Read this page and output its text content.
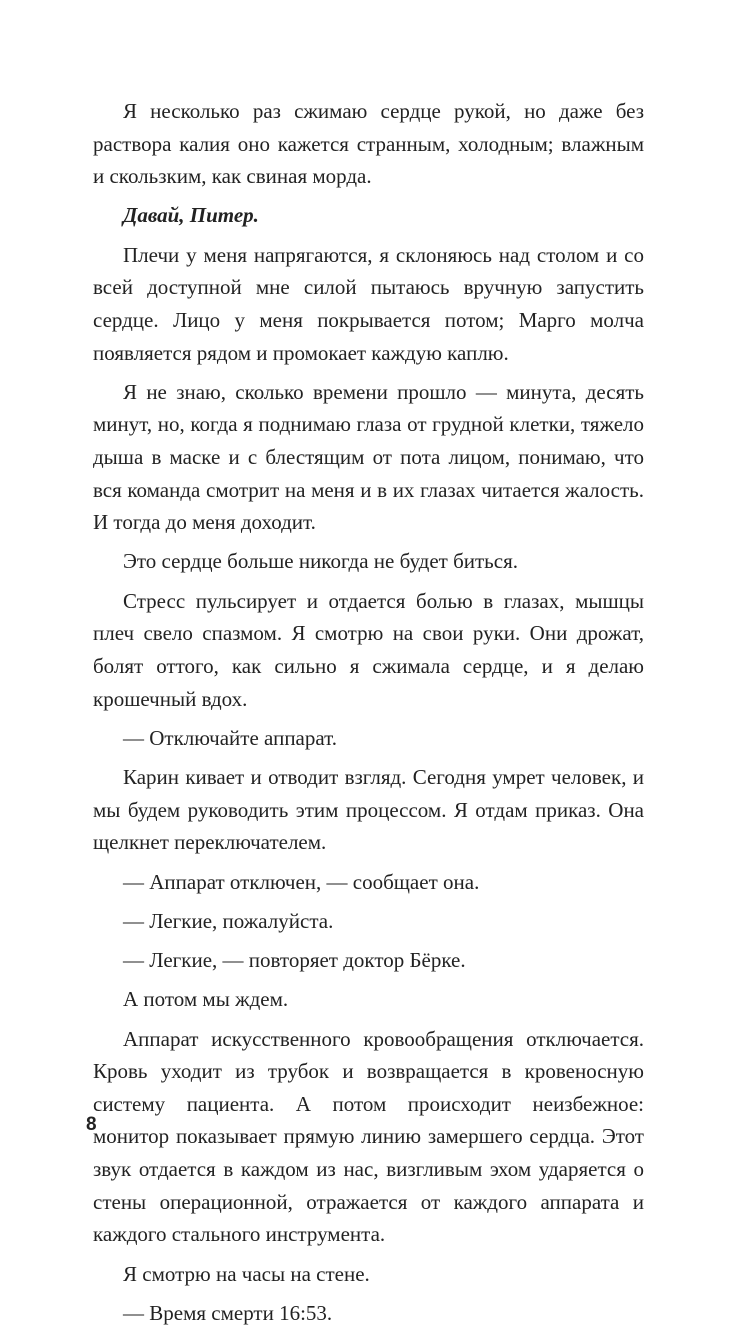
Я несколько раз сжимаю сердце рукой, но даже без раствора калия оно кажется странным, холодным; влажным и скользким, как свиная морда.

Давай, Питер.

Плечи у меня напрягаются, я склоняюсь над столом и со всей доступной мне силой пытаюсь вручную запустить сердце. Лицо у меня покрывается потом; Марго молча появляется рядом и промокает каждую каплю.

Я не знаю, сколько времени прошло — минута, десять минут, но, когда я поднимаю глаза от грудной клетки, тяжело дыша в маске и с блестящим от пота лицом, понимаю, что вся команда смотрит на меня и в их глазах читается жалость. И тогда до меня доходит.

Это сердце больше никогда не будет биться.

Стресс пульсирует и отдается болью в глазах, мышцы плеч свело спазмом. Я смотрю на свои руки. Они дрожат, болят оттого, как сильно я сжимала сердце, и я делаю крошечный вдох.

— Отключайте аппарат.

Карин кивает и отводит взгляд. Сегодня умрет человек, и мы будем руководить этим процессом. Я отдам приказ. Она щелкнет переключателем.

— Аппарат отключен, — сообщает она.

— Легкие, пожалуйста.

— Легкие, — повторяет доктор Бёрке.

А потом мы ждем.

Аппарат искусственного кровообращения отключается. Кровь уходит из трубок и возвращается в кровеносную систему пациента. А потом происходит неизбежное: монитор показывает прямую линию замершего сердца. Этот звук отдается в каждом из нас, визгливым эхом ударяется о стены операционной, отражается от каждого аппарата и каждого стального инструмента.

Я смотрю на часы на стене.

— Время смерти 16:53.

8
